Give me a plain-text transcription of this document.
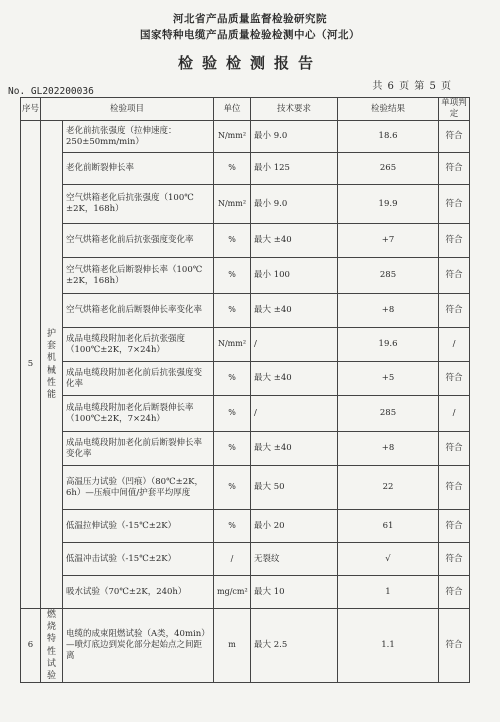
河北省产品质量监督检验研究院
国家特种电缆产品质量检验检测中心（河北）
检验检测报告
共 6 页 第 5 页
No. GL202200036
序号	检验项目		单位	技术要求	检验结果	单项判定
5	护套机械性能	老化前抗张强度（拉伸速度：250±50mm/min）	N/mm²	最小 9.0	18.6	符合
		老化前断裂伸长率	%	最小 125	265	符合
		空气烘箱老化后抗张强度（100℃±2K，168h）	N/mm²	最小 9.0	19.9	符合
		空气烘箱老化前后抗张强度变化率	%	最大 ±40	+7	符合
		空气烘箱老化后断裂伸长率（100℃±2K，168h）	%	最小 100	285	符合
		空气烘箱老化前后断裂伸长率变化率	%	最大 ±40	+8	符合
		成品电缆段附加老化后抗张强度（100℃±2K，7×24h）	N/mm²	/	19.6	/
		成品电缆段附加老化前后抗张强度变化率	%	最大 ±40	+5	符合
		成品电缆段附加老化后断裂伸长率（100℃±2K，7×24h）	%	/	285	/
		成品电缆段附加老化前后断裂伸长率变化率	%	最大 ±40	+8	符合
		高温压力试验（凹痕）（80℃±2K，6h）—压痕中间值/护套平均厚度	%	最大 50	22	符合
		低温拉伸试验（-15℃±2K）	%	最小 20	61	符合
		低温冲击试验（-15℃±2K）	/	无裂纹	√	符合
		吸水试验（70℃±2K，240h）	mg/cm²	最大 10	1	符合
6	燃烧特性试验	电缆的成束阻燃试验（A类，40min）—喷灯底边到炭化部分起始点之间距离	m	最大 2.5	1.1	符合
